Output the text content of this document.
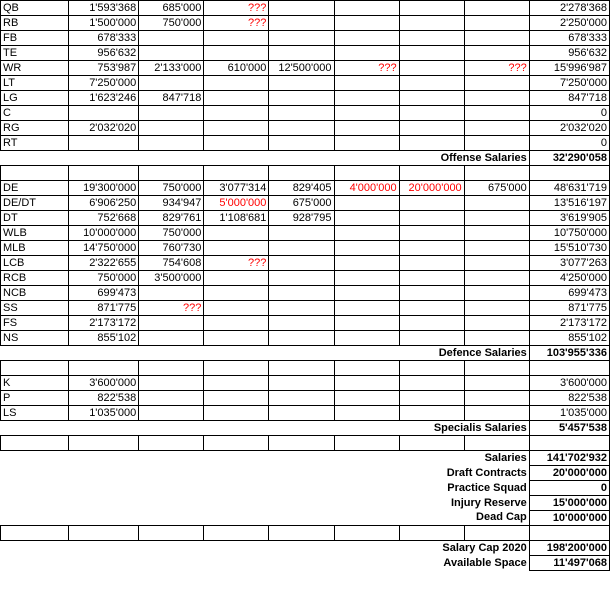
QB	1'593'368	685'000	???					2'278'368
RB	1'500'000	750'000	???					2'250'000
FB	678'333							678'333
TE	956'632							956'632
WR	753'987	2'133'000	610'000	12'500'000	???		???	15'996'987
LT	7'250'000							7'250'000
LG	1'623'246	847'718						847'718
C								0
RG	2'032'020							2'032'020
RT								0
Offense Salaries								32'290'058

DE	19'300'000	750'000	3'077'314	829'405	4'000'000	20'000'000	675'000	48'631'719
DE/DT	6'906'250	934'947	5'000'000	675'000				13'516'197
DT	752'668	829'761	1'108'681	928'795				3'619'905
WLB	10'000'000	750'000						10'750'000
MLB	14'750'000	760'730						15'510'730
LCB	2'322'655	754'608	???					3'077'263
RCB	750'000	3'500'000						4'250'000
NCB	699'473							699'473
SS	871'775	???						871'775
FS	2'173'172							2'173'172
NS	855'102							855'102
Defence Salaries								103'955'336

K	3'600'000							3'600'000
P	822'538							822'538
LS	1'035'000							1'035'000
Specialis Salaries								5'457'538

Salaries								141'702'932
Draft Contracts								20'000'000
Practice Squad								0
Injury Reserve								15'000'000
Dead Cap								10'000'000

Salary Cap 2020								198'200'000
Available Space								11'497'068
